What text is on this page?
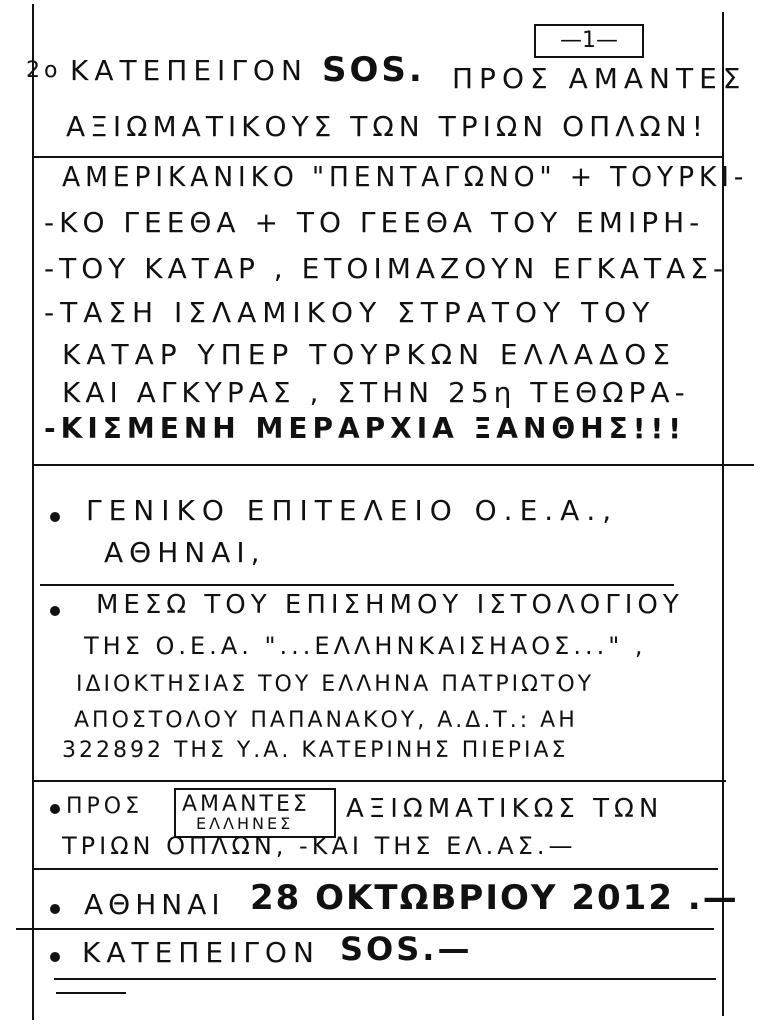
—1—
2ο ΚΑΤΕΠΕΙΓΟΝ SOS. ΠΡΟΣ ΑΜΑΝΤΕΣ
ΑΞΙΩΜΑΤΙΚΟΥΣ ΤΩΝ ΤΡΙΩΝ ΟΠΛΩΝ!
ΑΜΕΡΙΚΑΝΙΚΟ "ΠΕΝΤΑΓΩΝΟ" + ΤΟΥΡΚΙ-
-ΚΟ ΓΕΕΘΑ + ΤΟ ΓΕΕΘΑ ΤΟΥ ΕΜΙΡΗ-
-ΤΟΥ ΚΑΤΑΡ , ΕΤΟΙΜΑΖΟΥΝ ΕΓΚΑΤΑΣ-
-ΤΑΣΗ ΙΣΛΑΜΙΚΟΥ ΣΤΡΑΤΟΥ ΤΟΥ
ΚΑΤΑΡ ΥΠΕΡ ΤΟΥΡΚΩΝ ΕΛΛΑΔΟΣ
ΚΑΙ ΑΓΚΥΡΑΣ , ΣΤΗΝ 25η ΤΕΘΩΡΑ-
-ΚΙΣΜΕΝΗ ΜΕΡΑΡΧΙΑ ΞΑΝΘΗΣ!!!
ΓΕΝΙΚΟ ΕΠΙΤΕΛΕΙΟ Ο.Ε.Α.,
ΑΘΗΝΑΙ,
ΜΕΣΩ ΤΟΥ ΕΠΙΣΗΜΟΥ ΙΣΤΟΛΟΓΙΟΥ
ΤΗΣ Ο.Ε.Α. "...ΕΛΛΗΝΚΑΙΣΗΑΟΣ..." ,
ΙΔΙΟΚΤΗΣΙΑΣ ΤΟΥ ΕΛΛΗΝΑ ΠΑΤΡΙΩΤΟΥ
ΑΠΟΣΤΟΛΟΥ ΠΑΠΑΝΑΚΟΥ, Α.Δ.Τ.: ΑΗ
322892 ΤΗΣ Υ.Α. ΚΑΤΕΡΙΝΗΣ ΠΙΕΡΙΑΣ
ΠΡΟΣ ΑΜΑΝΤΕΣ
ΕΛΛΗΝΕΣ ΑΞΙΩΜΑΤΙΚΩΣ ΤΩΝ
ΤΡΙΩΝ ΟΠΛΩΝ, -ΚΑΙ ΤΗΣ ΕΛ.ΑΣ.—
ΑΘΗΝΑΙ 28 ΟΚΤΩΒΡΙΟΥ 2012 .—
ΚΑΤΕΠΕΙΓΟΝ SOS.—
